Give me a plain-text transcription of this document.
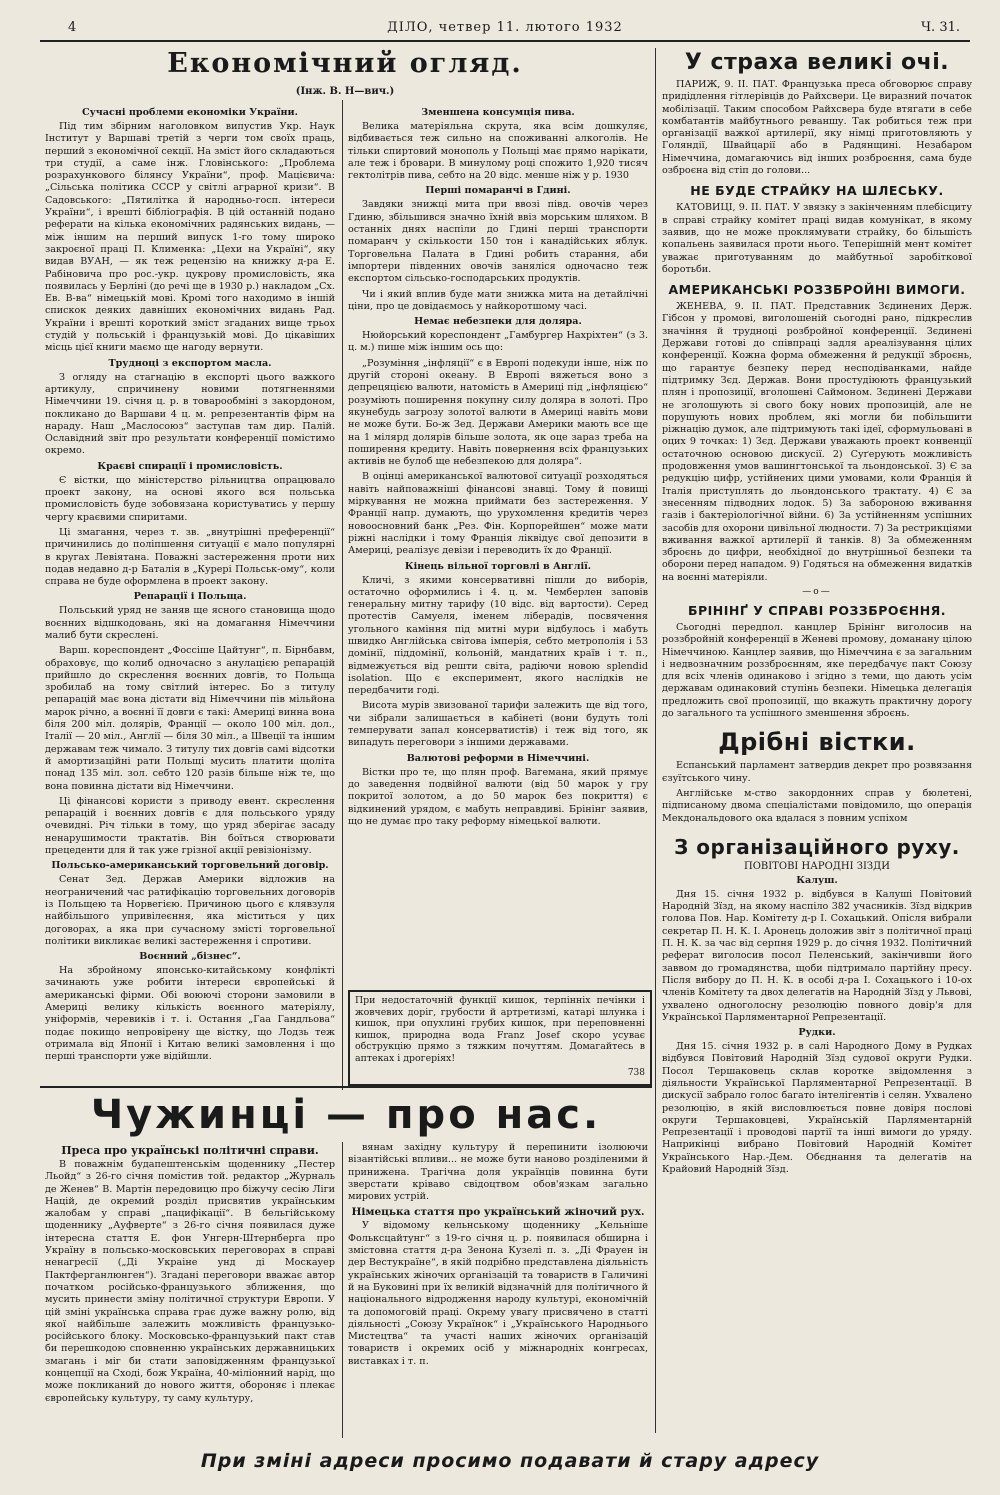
4	ДІЛО, четвер 11. лютого 1932	Ч. 31.
Економічний огляд.
(Інж. В. Н—вич.)
Сучасні проблеми економіки України.

Під тим збірним наголовком випустив Укр. Наук Інститут у Варшаві третій з черги том своїх праць, перший з економічної секції. На зміст його складаються три студії, а саме інж. Гловінського: „Проблема розрахункового білянсу України“, проф. Мацієвича: „Сільська політика СССР у світлі аграрної кризи“. В Садовського: „Пятилітка й народньо-госп. інтереси України“, і врешті бібліографія. В цій останній подано реферати на кілька економічних радянських видань, — між іншим на перший випуск 1-го тому широко закроєної праці П. Клименка: „Цехи на Україні“, яку видав ВУАН, — як теж рецензію на книжку д-ра Е. Рабіновича про рос.-укр. цукрову промисловість, яка появилась у Берліні (до речі ще в 1930 р.) накладом „Сх. Eв. В-ва“ німецькій мові. Кромі того находимо в іншій спискок деяких давніших економічних видань Рад. України і врешті короткий зміст згаданих вище трьох студій у польській і французькій мові. До цікавіших місць цієї книги маємо ще нагоду вернути.

Трудноці з експортом масла.

З огляду на стагнацію в експорті цього важкого артикулу, спричинену новими потягненнями Німеччини 19. січня ц. р. в товарообміні з закордоном, покликано до Варшави 4 ц. м. репрезентантів фірм на нараду. Наш „Маслосоюз“ заступав там дир. Палій. Ославідний звіт про результати конференції помістимо окремо.

Краєві спирації і промисловість.

Є вістки, що міністерство рільництва опрацювало проект закону, на основі якого вся польська промисловість буде зобовязана користуватись у першу чергу краєвими спиритами.

Ці змагання, через т. зв. „внутрішні преференції“ причинились до поліпшення ситуації є мало популярні в кругах Левіятана. Поважні застереження проти них подав недавно д-р Баталія в „Курері Польськ-ому“, коли справа не буде оформлена в проект закону.

Репарації і Польща.

Польський уряд не заняв ще ясного становища щодо воєнних відшкодовань, які на домагання Німеччини малиб бути скреслені.

Варш. кореспондент „Фоссіше Цайтунг“, п. Бірнбавм, обраховує, що колиб одночасно з анулацією репарацій прийшло до скреслення воєнних довгів, то Польща зробилаб на тому світлий інтерес. Бо з титулу репарацій має вона дістати від Німеччини пів мільйона марок річно, а воєнні її довги є такі: Америці винна вона біля 200 міл. долярів, Франції — около 100 міл. дол., Італії — 20 міл., Англії — біля 30 міл., а Швеції та іншим державам теж чимало. З титулу тих довгів самі відсотки й амортизаційні рати Польщі мусить платити щоліта понад 135 міл. зол. себто 120 разів більше ніж те, що вона повинна дістати від Німеччини.

Ці фінансові користи з приводу евент. скреслення репарацій і воєнних довгів є для польського уряду очевидні. Річ тільки в тому, що уряд зберігає засаду ненарушимости трактатів. Він боїться створювати прецеденти для й так уже грізної акції ревізіонізму.

Польсько-американський торговельний договір.

Сенат Зед. Держав Америки відложив на неограничений час ратифікацію торговельних договорів із Польщею та Норвегією. Причиною цього є клявзуля найбільшого упривілеєння, яка міститься у цих договорах, а яка при сучасному змісті торговельної політики викликає великі застереження і спротиви.

Воєнний „бізнес“.

На збройному японсько-китайському конфлікті зачинають уже робити інтереси європейські й американські фірми. Обі воюючі сторони замовили в Америці велику кількість воєнного матеріялу, уніформів, черевиків і т. і. Остання „Гаа Гандльова“ подає покищо непровірену ще вістку, що Лодзь теж отримала від Японії і Китаю великі замовлення і що перші транспорти уже відійшли.

Зменшена консумція пива.

Велика матеріяльна скрута, яка всім дошкуляє, відбивається теж сильно на споживанні алкоголів. Не тільки спиртовий монополь у Польщі має прямо нарікати, але теж і бровари. В минулому році спожито 1,920 тисяч гектолітрів пива, себто на 20 відс. менше ніж у р. 1930

Перші помаранчі в Гдині.

Завдяки знижці мита при ввозі півд. овочів через Гдиню, збільшився значно їхній ввіз морським шляхом. В останніх днях наспіли до Гдині перші транспорти помаранч у скількости 150 тон і канадійських яблук. Торговельна Палата в Гдині робить старання, аби імпортери південних овочів заняліся одночасно теж експортом сільсько-господарських продуктів.

Чи і який вплив буде мати знижка мита на детайлічні ціни, про це довідаємось у найкоротшому часі.

Немає небезпеки для доляра.

Нюйорський кореспондент „Гамбургер Нахріхтен“ (з 3. ц. м.) пише між іншим ось що:

„Розуміння „інфляції“ є в Европі подекуди інше, ніж по другій стороні океану. В Европі вяжеться воно з депрецяцією валюти, натомість в Америці під „інфляцією“ розуміють поширення покупну силу доляра в золоті. Про якунебудь загрозу золотої валюти в Америці навіть мови не може бути. Бо-ж Зед. Держави Америки мають все ще на 1 мілярд долярів більше золота, як оце зараз треба на поширення кредиту. Навіть повернення всіх французьких активів не булоб ще небезпекою для доляра“.

В оцінці американської валютової ситуації розходяться навіть найповажніші фінансові знавці. Тому й повищі міркування не можна приймати без застереження. У Франції напр. думають, що урухомлення кредитів через новоосновний банк „Рез. Фін. Корпорейшен“ може мати ріжні наслідки і тому Франція ліквідує свої депозити в Америці, реалізує девізи і переводить їх до Франції.

Кінець вільної торговлі в Англії.

Кличі, з якими консервативні пішли до виборів, остаточно оформились і 4. ц. м. Чемберлен заповів генеральну митну тарифу (10 відс. від вартости). Серед протестів Самуеля, іменем ліберадів, посвячення угольного каміння під митні мури відбулось і мабуть швидко Англійська світова імперія, себто метрополія і 53 домінії, піддомінії, кольоній, мандатних країв і т. п., відмежується від решти світа, радіючи новою splendid isolation. Що є експеримент, якого наслідків не передбачити годі.

Висота мурів звизованої тарифи залежить ще від того, чи зібрали залишається в кабінеті (вони будуть толі темперувати запал консерватистів) і теж від того, як випадуть переговори з іншими державами.

Валютові реформи в Німеччині.

Вістки про те, що плян проф. Вагемана, який прямує до заведення подвійної валюти (від 50 марок у гру покритої золотом, а до 50 марок без покриття) є відкинений урядом, є мабуть неправдиві. Брінінг заявив, що не думає про таку реформу німецької валюти.

При недостаточній функції кишок, терпінніх печінки і жовчевих доріг, грубости й артретизмі, катарі шлунка і кишок, при опухлині грубих кишок, при переповненні кишок, природна вода Franz Josef скоро усуває обструкцію прямо з тяжким почуттям. Домагайтесь в аптеках і дрогеріях!

738
У страха великі очі.

ПАРИЖ, 9. II. ПАТ. Французька преса обговорює справу придідлення гітлерівців до Райхсвери. Це виразний початок мобілізації. Таким способом Райхсвера буде втягати в себе комбатантів майбутнього реваншу. Так робиться теж при організації важкої артилерії, яку німці приготовляють у Голяндії, Швайцарії або в Радянщині. Незабаром Німеччина, домагаючись від інших розброєння, сама буде озброєна від стіп до голови...

НЕ БУДЕ СТРАЙКУ НА ШЛЕСЬКУ.

КАТОВИЦІ, 9. II. ПАТ. У звязку з закінченням плебісциту в справі страйку комітет праці видав комунікат, в якому заявив, що не може проклямувати страйку, бо більшість копальень заявилася проти нього. Теперішній мент комітет уважає приготуванням до майбутньої заробіткової боротьби.

АМЕРИКАНСЬКІ РОЗЗБРОЙНІ ВИМОГИ.

ЖЕНЕВА, 9. II. ПАТ. Представник Зєдинених Держ. Гібсон у промові, виголошеній сьогодні рано, підкреслив значіння й трудноці розбройної конференції. Зєдинені Держави готові до співпраці задля ареалізування цілих конференції. Кожна форма обмеження й редукції зброєнь, що гарантує безпеку перед несподіванками, найде підтримку Зєд. Держав. Вони простудіюють французький плян і пропозиції, вголошені Саймоном. Зєдинені Держави не зголошують зі свого боку нових пропозицій, але не порушують нових проблем, які могли би побільшити ріжнацію думок, але підтримують такі ідеї, сформульовані в оцих 9 точках: 1) Зєд. Держави уважають проект конвенції остаточною основою дискусії. 2) Суґерують можливість продовження умов вашингтонської та льондонської. 3) Є за редукцію цифр, устійнених цими умовами, коли Франція й Італія приступлять до льондонського трактату. 4) Є за знесенням підводних лодок. 5) За забороною вживання газів і бактеріологічної війни. 6) За устійненням успішних засобів для охорони цивільної людности. 7) За рестрикціями вживання важкої артилерії й танків. 8) За обмеженням зброєнь до цифри, необхідної до внутрішньої безпеки та оборони перед нападом. 9) Годяться на обмеження видатків на воєнні матеріяли.

—o—
БРІНІНҐ У СПРАВІ РОЗЗБРОЄННЯ.

Сьогодні передпол. канцлер Брінінг виголосив на роззбройній конференції в Женеві промову, доманану цілою Німеччиною. Канцлер заявив, що Німеччина є за загальним і недвозначним роззброєнням, яке передбачує пакт Союзу для всіх членів одинаково і згідно з теми, що дають усім державам одинаковий ступінь безпеки. Німецька делегація предложить свої пропозиції, що вкажуть практичну дорогу до загального та успішного зменшення зброєнь.

Дрібні вістки.

Еспанський парламент затвердив декрет про розвязання єзуїтського чину.

Англійське м-ство закордонних справ у бюлетені, підписаному двома спеціалістами повідомило, що операція Мекдональдового ока вдалася з повним успіхом

З організаційного руху.
ПОВІТОВІ НАРОДНІ ЗІЗДИ
Калуш.

Дня 15. січня 1932 р. відбувся в Калуші Повітовий Народній Зїзд, на якому наспіло 382 учасників. Зїзд відкрив голова Пов. Нар. Комітету д-р І. Сохацький. Опісля вибрали секретар П. Н. К. І. Аронець доложив звіт з політичної праці П. Н. К. за час від серпня 1929 р. до січня 1932. Політичний реферат виголосив посол Пеленський, закінчивши його заввом до громадянства, щоби підтримало партійну пресу. Після вибору до П. Н. К. в особі д-ра І. Сохацького і 10-ох членів Комітету та двох делегатів на Народній Зїзд у Львові, ухвалено одноголосну резолюцію повного довір'я для Української Парляментарної Репрезентації.

Рудки.

Дня 15. січня 1932 р. в салі Народного Дому в Рудках відбувся Повітовий Народній Зїзд судової округи Рудки. Посол Тершаковець склав коротке звідомлення з діяльности Української Парляментарної Репрезентації. В дискусії забрало голос багато інтелігентів і селян. Ухвалено резолюцію, в якій висловлюється повне довіря послові округи Тершаковцеві, Українській Парляментарній Репрезентації і проводові партії та інші вимоги до уряду. Наприкінці вибрано Повітовий Народній Комітет Українського Нар.-Дем. Обєднання та делегатів на Крайовий Народній Зїзд.

Чужинці — про нас.
Преса про українські політичні справи.

В поважнім будапештенськім щоденнику „Пестер Льойд“ з 26-го січня помістив той. редактор „Журналь де Женев“ В. Мартін передовицю про біжучу сесію Ліги Націй, де окремий розділ присвятив українським жалобам у справі „пацифікації“. В бельгійському щоденнику „Ауфверте“ з 26-го січня появилася дуже інтересна стаття Е. фон Унгерн-Штернберга про Україну в польсько-московських переговорах в справі ненагресії („Ді Украіне унд ді Москауер Пактферганлюнген“). Згадані переговори вважає автор початком російсько-французького зближення, що мусить принести зміну політичної структури Европи. У цій зміні українська справа грає дуже важну ролю, від якої найбільше залежить можливість французько-російського блоку. Московсько-французький пакт став би перешкодою сповненню українських державницьких змагань і міг би стати заповідженням французької концепції на Сході, бож Україна, 40-міліонний нарід, що може покликаний до нового життя, обороняє і плекає європейську культуру, ту саму культуру,

вянам західну культуру й перепинити ізолюючи візантійські впливи... не може бути наново розділеними й принижена. Трагічна доля українців повинна бути зверстати кріваво свідоцтвом обов'язкам загально мирових устрій.

Німецька стаття про український жіночий рух.

У відомому кельнському щоденнику „Кельніше Фольксцайтунг“ з 19-го січня ц. р. появилася обширна і змістовна стаття д-ра Зенона Кузелі п. з. „Ді Фрауен ін дер Вестукраїне“, в якій подрібно представлена діяльність українських жіночих організацій та товариств в Галичині й на Буковині при їх великій відзначній для політичного й національного відродження народу культурі, економічній та допомоговій праці. Окрему увагу присвячено в статті діяльності „Союзу Українок“ і „Українського Народнього Мистецтва“ та участі наших жіночих організацій товариств і окремих осіб у міжнародніх конгресах, виставках і т. п.

При зміні адреси просимо подавати й стару адресу
